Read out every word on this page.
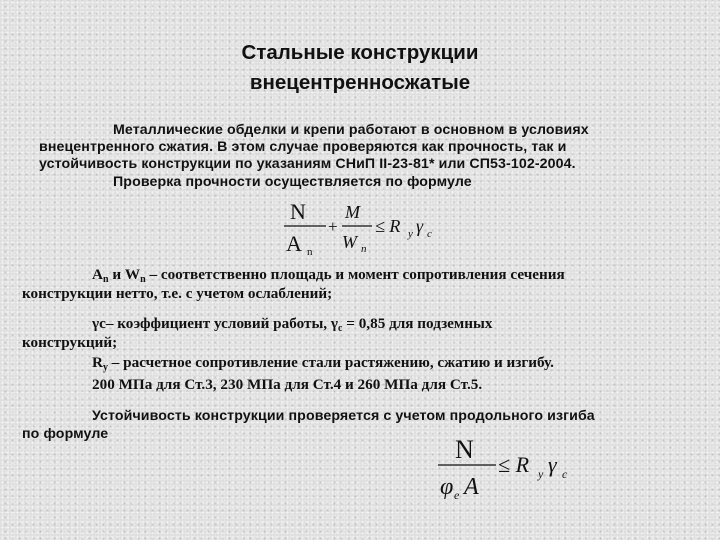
Стальные конструкции
внецентренносжатые
Металлические обделки и крепи работают в основном в условиях
внецентренного сжатия. В этом случае проверяются как прочность, так и
устойчивость конструкции по указаниям СНиП II-23-81* или СП53-102-2004.
Проверка прочности осуществляется по формуле
N
A n
+
M
W n
≤ R y γ c
$A_n$ и $W_n$ – соответственно площадь и момент сопротивления сечения
конструкции нетто, т.е. с учетом ослаблений;
γc– коэффициент условий работы, $\gamma_c = 0,85$ для подземных
конструкций;
$R_y$ – расчетное сопротивление стали растяжению, сжатию и изгибу.
200 МПа для Ст.3, 230 МПа для Ст.4 и 260 МПа для Ст.5.
Устойчивость конструкции проверяется с учетом продольного изгиба
по формуле
N
φ e A
≤ R y γ c
